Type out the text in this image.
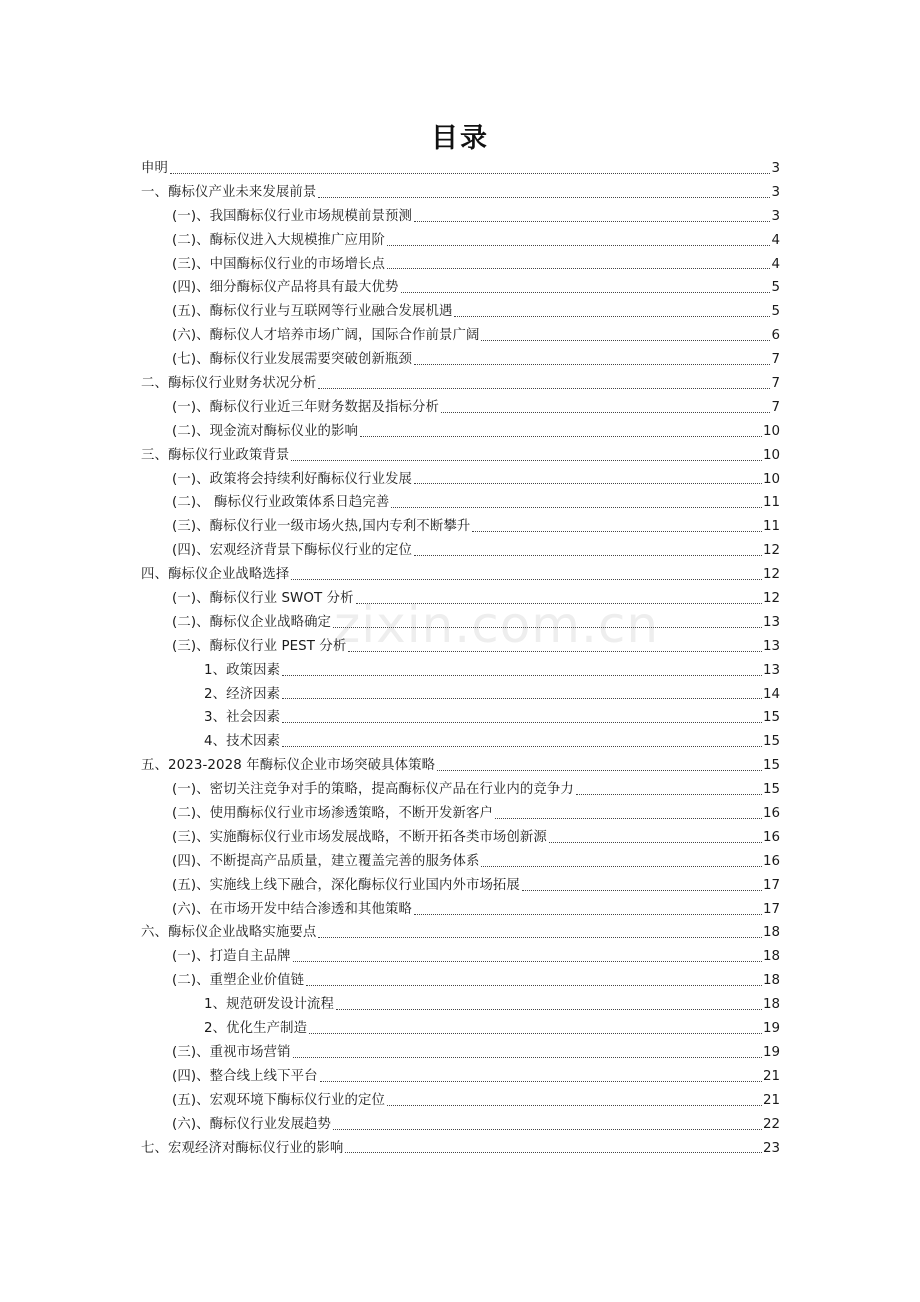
目录
申明	3
一、酶标仪产业未来发展前景	3
(一)、我国酶标仪行业市场规模前景预测	3
(二)、酶标仪进入大规模推广应用阶	4
(三)、中国酶标仪行业的市场增长点	4
(四)、细分酶标仪产品将具有最大优势	5
(五)、酶标仪行业与互联网等行业融合发展机遇	5
(六)、酶标仪人才培养市场广阔，国际合作前景广阔	6
(七)、酶标仪行业发展需要突破创新瓶颈	7
二、酶标仪行业财务状况分析	7
(一)、酶标仪行业近三年财务数据及指标分析	7
(二)、现金流对酶标仪业的影响	10
三、酶标仪行业政策背景	10
(一)、政策将会持续利好酶标仪行业发展	10
(二)、 酶标仪行业政策体系日趋完善	11
(三)、酶标仪行业一级市场火热,国内专利不断攀升	11
(四)、宏观经济背景下酶标仪行业的定位	12
四、酶标仪企业战略选择	12
(一)、酶标仪行业 SWOT 分析	12
(二)、酶标仪企业战略确定	13
(三)、酶标仪行业 PEST 分析	13
1、政策因素	13
2、经济因素	14
3、社会因素	15
4、技术因素	15
五、2023-2028 年酶标仪企业市场突破具体策略	15
(一)、密切关注竞争对手的策略，提高酶标仪产品在行业内的竞争力	15
(二)、使用酶标仪行业市场渗透策略，不断开发新客户	16
(三)、实施酶标仪行业市场发展战略，不断开拓各类市场创新源	16
(四)、不断提高产品质量，建立覆盖完善的服务体系	16
(五)、实施线上线下融合，深化酶标仪行业国内外市场拓展	17
(六)、在市场开发中结合渗透和其他策略	17
六、酶标仪企业战略实施要点	18
(一)、打造自主品牌	18
(二)、重塑企业价值链	18
1、规范研发设计流程	18
2、优化生产制造	19
(三)、重视市场营销	19
(四)、整合线上线下平台	21
(五)、宏观环境下酶标仪行业的定位	21
(六)、酶标仪行业发展趋势	22
七、宏观经济对酶标仪行业的影响	23
zixin.com.cn
